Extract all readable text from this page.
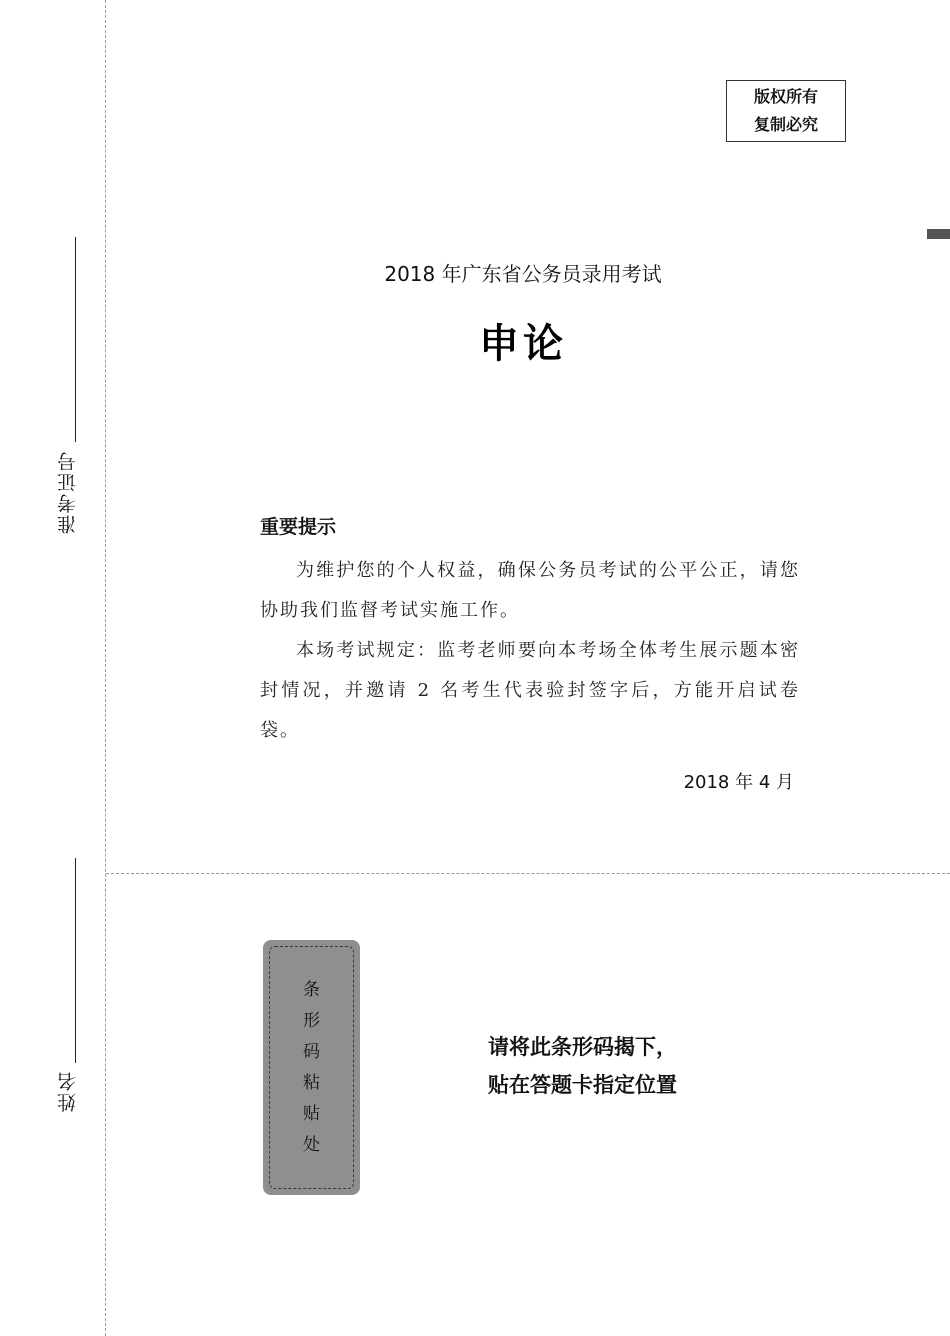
准考证号
姓名
版权所有
复制必究
2018 年广东省公务员录用考试
申论
重要提示

为维护您的个人权益，确保公务员考试的公平公正，请您协助我们监督考试实施工作。

本场考试规定：监考老师要向本考场全体考生展示题本密封情况，并邀请 2 名考生代表验封签字后，方能开启试卷袋。

2018 年 4 月
条
形
码
粘
贴
处
请将此条形码揭下，
贴在答题卡指定位置
